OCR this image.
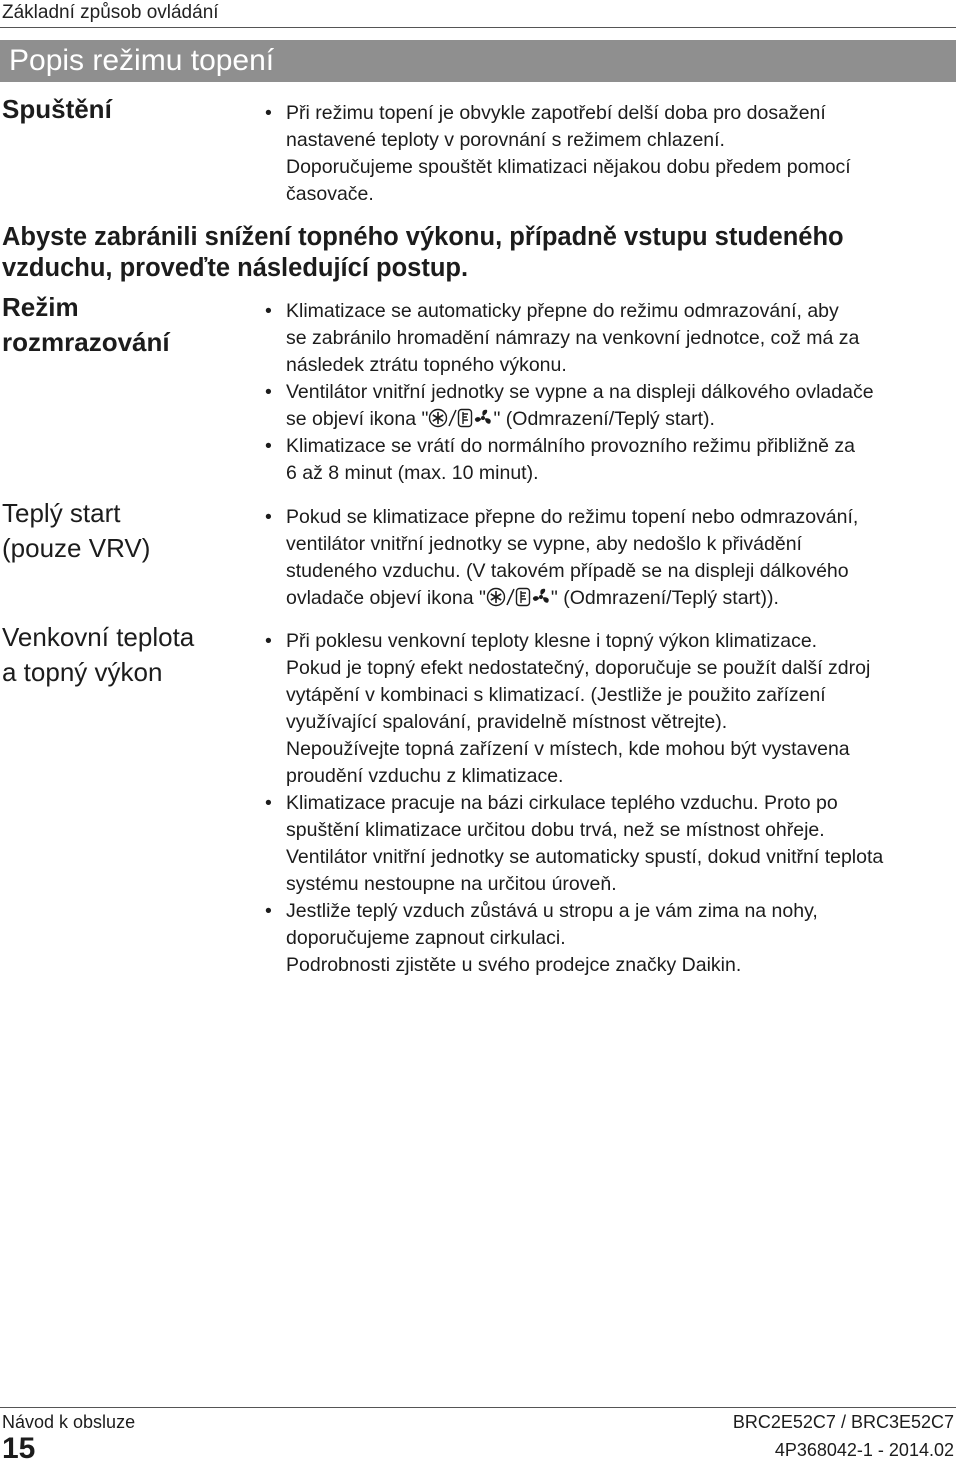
Základní způsob ovládání
Popis režimu topení
Spuštění	• Při režimu topení je obvykle zapotřebí delší doba pro dosažení
nastavené teploty v porovnání s režimem chlazení.
Doporučujeme spouštět klimatizaci nějakou dobu předem pomocí
časovače.
Abyste zabránili snížení topného výkonu, případně vstupu studeného
vzduchu, proveďte následující postup.
Režim
rozmrazování
• Klimatizace se automaticky přepne do režimu odmrazování, aby
se zabránilo hromadění námrazy na venkovní jednotce, což má za
následek ztrátu topného výkonu.
• Ventilátor vnitřní jednotky se vypne a na displeji dálkového ovladače
se objeví ikona "	" (Odmrazení/Teplý start).
• Klimatizace se vrátí do normálního provozního režimu přibližně za
6 až 8 minut (max. 10 minut).
Teplý start
(pouze VRV)
• Pokud se klimatizace přepne do režimu topení nebo odmrazování,
ventilátor vnitřní jednotky se vypne, aby nedošlo k přivádění
studeného vzduchu. (V takovém případě se na displeji dálkového
ovladače objeví ikona "	" (Odmrazení/Teplý start)).
Venkovní teplota
a topný výkon
• Při poklesu venkovní teploty klesne i topný výkon klimatizace.
Pokud je topný efekt nedostatečný, doporučuje se použít další zdroj
vytápění v kombinaci s klimatizací. (Jestliže je použito zařízení
využívající spalování, pravidelně místnost větrejte).
Nepoužívejte topná zařízení v místech, kde mohou být vystavena
proudění vzduchu z klimatizace.
• Klimatizace pracuje na bázi cirkulace teplého vzduchu. Proto po
spuštění klimatizace určitou dobu trvá, než se místnost ohřeje.
Ventilátor vnitřní jednotky se automaticky spustí, dokud vnitřní teplota
systému nestoupne na určitou úroveň.
• Jestliže teplý vzduch zůstává u stropu a je vám zima na nohy,
doporučujeme zapnout cirkulaci.
Podrobnosti zjistěte u svého prodejce značky Daikin.
Návod k obsluze
15
BRC2E52C7 / BRC3E52C7
4P368042-1 - 2014.02
